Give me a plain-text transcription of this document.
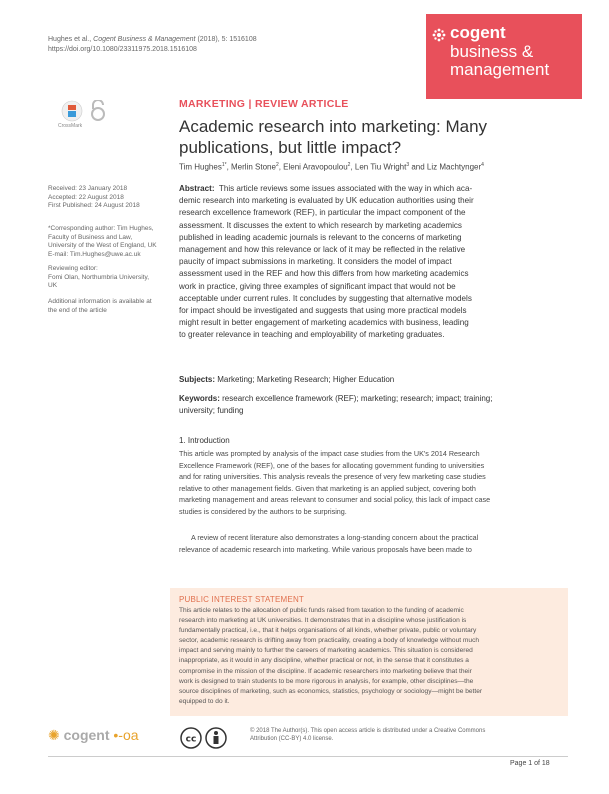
Hughes et al., Cogent Business & Management (2018), 5: 1516108
https://doi.org/10.1080/23311975.2018.1516108
cogent
business &
management
CrossMark
Received: 23 January 2018
Accepted: 22 August 2018
First Published: 24 August 2018
*Corresponding author: Tim Hughes,
Faculty of Business and Law,
University of the West of England, UK
E-mail: Tim.Hughes@uwe.ac.uk
Reviewing editor:
Fomi Olan, Northumbria University,
UK
Additional information is available at
the end of the article
MARKETING | REVIEW ARTICLE
Academic research into marketing: Many
publications, but little impact?
Tim Hughes$^{1*}$, Merlin Stone$^2$, Eleni Aravopoulou$^2$, Len Tiu Wright$^3$ and Liz Machtynger$^4$
Abstract: This article reviews some issues associated with the way in which aca-
demic research into marketing is evaluated by UK education authorities using their
research excellence framework (REF), in particular the impact component of the
assessment. It discusses the extent to which research by marketing academics
published in leading academic journals is relevant to the concerns of marketing
management and how this relevance or lack of it may be reflected in the relative
paucity of impact submissions in marketing. It considers the model of impact
assessment used in the REF and how this differs from how marketing academics
work in practice, giving three examples of significant impact that would not be
acceptable under current rules. It concludes by suggesting that alternative models
for impact should be investigated and suggests that using more practical models
might result in better engagement of marketing academics with business, leading
to greater relevance in teaching and employability of marketing graduates.
Subjects: Marketing; Marketing Research; Higher Education
Keywords: research excellence framework (REF); marketing; research; impact; training;
university; funding
1. Introduction
This article was prompted by analysis of the impact case studies from the UK's 2014 Research
Excellence Framework (REF), one of the bases for allocating government funding to universities
and for rating universities. This analysis reveals the presence of very few marketing case studies
relative to other management fields. Given that marketing is an applied subject, covering both
marketing management and areas relevant to consumer and social policy, this lack of impact case
studies is considered by the authors to be surprising.
A review of recent literature also demonstrates a long-standing concern about the practical
relevance of academic research into marketing. While various proposals have been made to
PUBLIC INTEREST STATEMENT
This article relates to the allocation of public funds raised from taxation to the funding of academic
research into marketing at UK universities. It demonstrates that in a discipline whose justification is
fundamentally practical, i.e., that it helps organisations of all kinds, whether private, public or voluntary
sector, academic research is drifting away from practicality, creating a body of knowledge without much
impact and serving mainly to further the careers of marketing academics. This situation is considered
inappropriate, as it would in any discipline, whether practical or not, in the sense that it constitutes a
compromise in the mission of the discipline. If academic researchers into marketing believe that their
work is designed to train students to be more rigorous in analysis, for example, other disciplines—the
source disciplines of marketing, such as economics, statistics, psychology or sociology—might be better
equipped to do it.
✺ cogent •-oa	cc
© 2018 The Author(s). This open access article is distributed under a Creative Commons
Attribution (CC-BY) 4.0 license.
Page 1 of 18
